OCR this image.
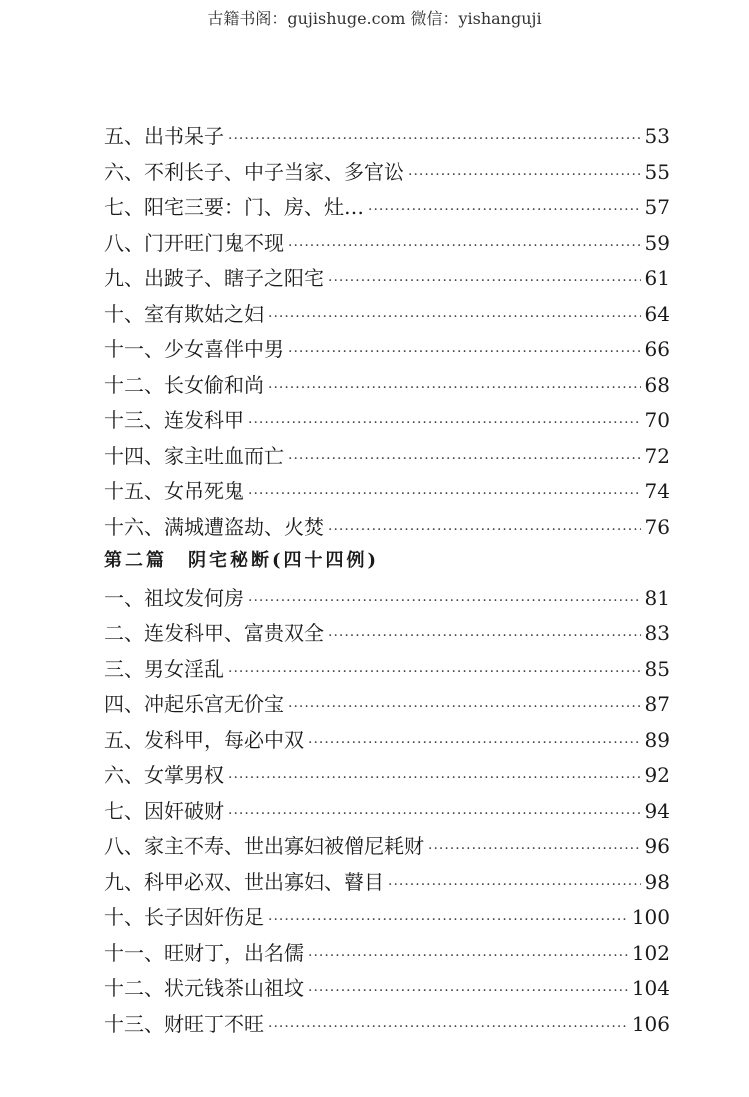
古籍书阁：gujishuge.com 微信：yishanguji
五、出书呆子 ·····	53
六、不利长子、中子当家、多官讼 ·····	55
七、阳宅三要：门、房、灶… ·····	57
八、门开旺门鬼不现 ·····	59
九、出跛子、瞎子之阳宅 ·····	61
十、室有欺姑之妇 ·····	64
十一、少女喜伴中男 ·····	66
十二、长女偷和尚 ·····	68
十三、连发科甲 ·····	70
十四、家主吐血而亡 ·····	72
十五、女吊死鬼 ·····	74
十六、满城遭盗劫、火焚 ·····	76
第二篇　阴宅秘断(四十四例)
一、祖坟发何房 ·····	81
二、连发科甲、富贵双全 ·····	83
三、男女淫乱 ·····	85
四、冲起乐宫无价宝 ·····	87
五、发科甲，每必中双 ·····	89
六、女掌男权 ·····	92
七、因奸破财 ·····	94
八、家主不寿、世出寡妇被僧尼耗财 ·····	96
九、科甲必双、世出寡妇、瞽目 ·····	98
十、长子因奸伤足 ·····	100
十一、旺财丁，出名儒 ·····	102
十二、状元钱茶山祖坟 ·····	104
十三、财旺丁不旺 ·····	106
